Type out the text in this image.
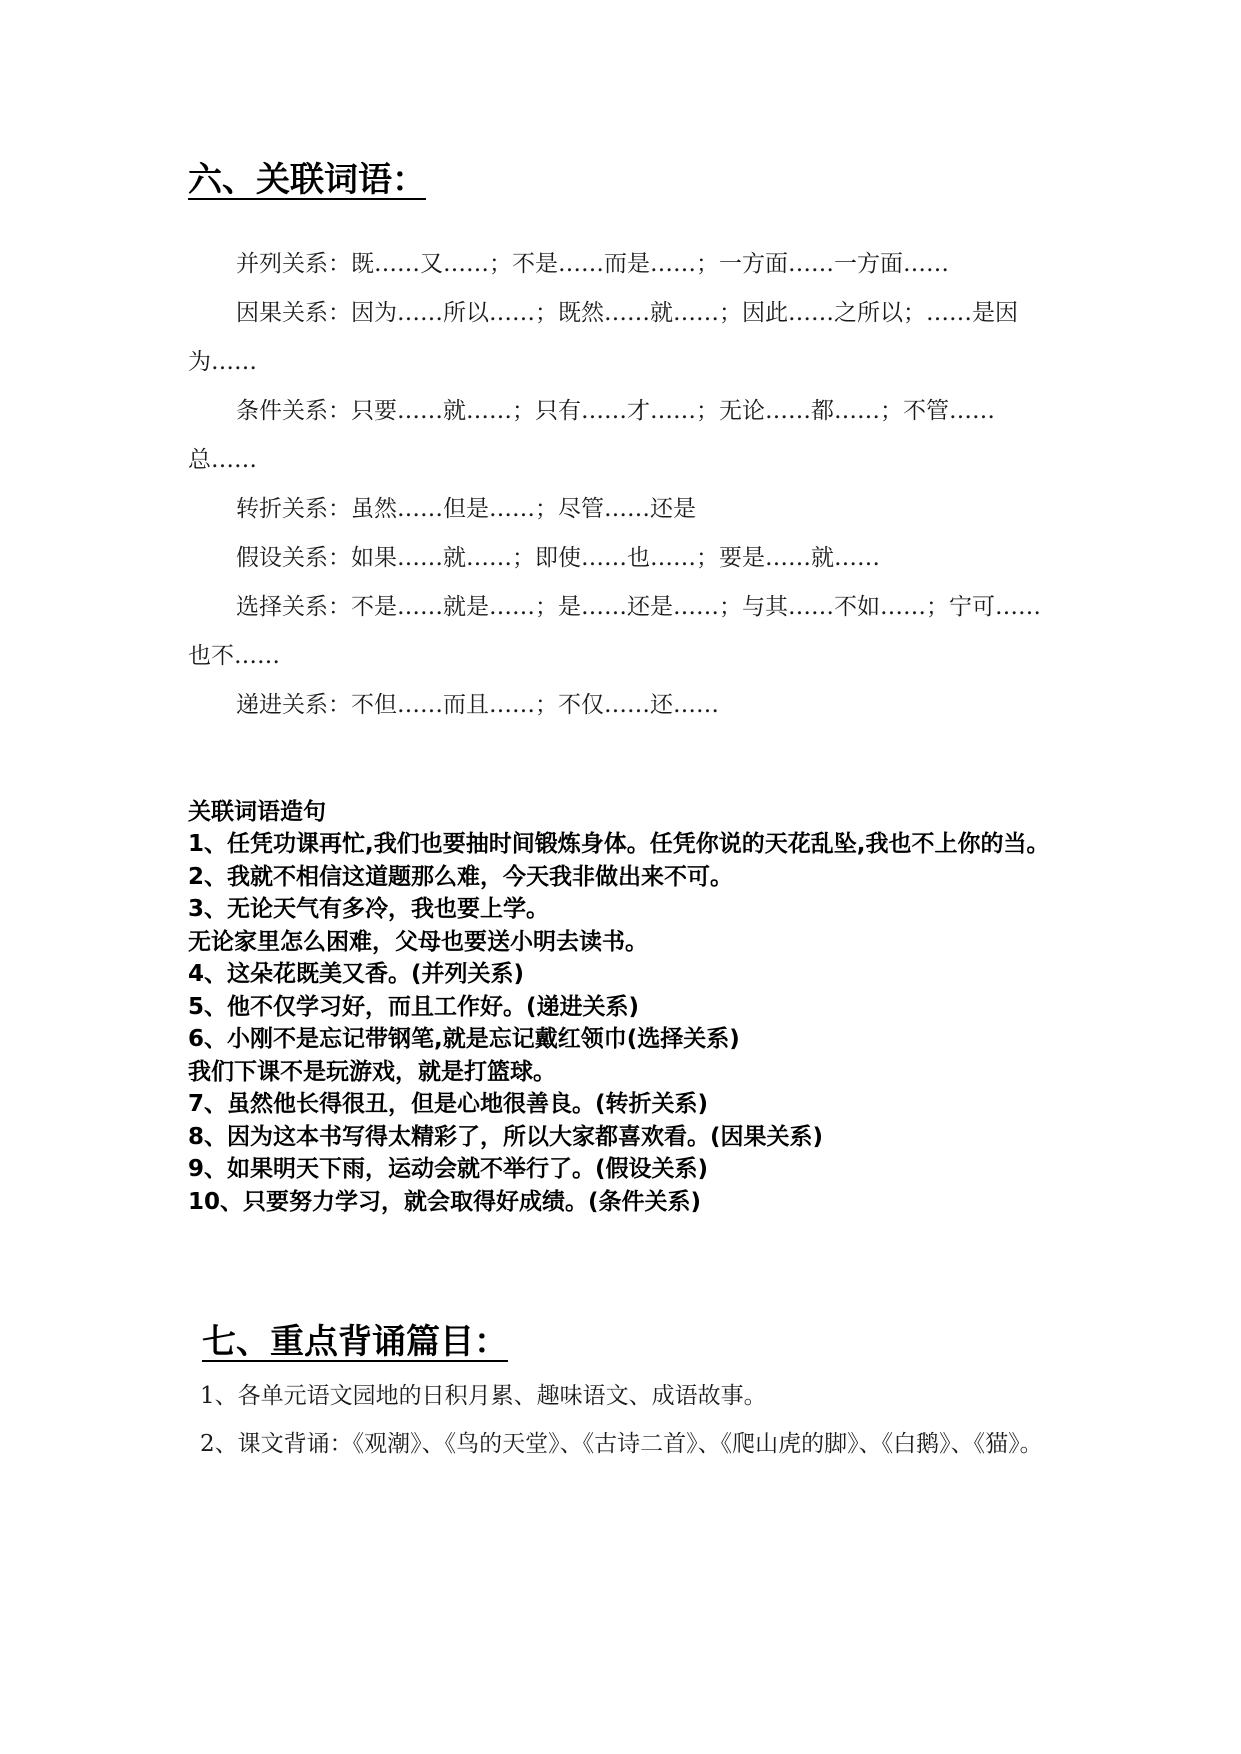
六、关联词语：
并列关系：既……又……；不是……而是……；一方面……一方面……
因果关系：因为……所以……；既然……就……；因此……之所以；……是因为……
条件关系：只要……就……；只有……才……；无论……都……；不管……总……
转折关系：虽然……但是……；尽管……还是
假设关系：如果……就……；即使……也……；要是……就……
选择关系：不是……就是……；是……还是……；与其……不如……；宁可……也不……
递进关系：不但……而且……；不仅……还……

关联词语造句

1、任凭功课再忙,我们也要抽时间锻炼身体。任凭你说的天花乱坠,我也不上你的当。
2、我就不相信这道题那么难，今天我非做出来不可。
3、无论天气有多冷，我也要上学。
无论家里怎么困难，父母也要送小明去读书。
4、这朵花既美又香。(并列关系)
5、他不仅学习好，而且工作好。(递进关系)
6、小刚不是忘记带钢笔,就是忘记戴红领巾(选择关系)
我们下课不是玩游戏，就是打篮球。
7、虽然他长得很丑，但是心地很善良。(转折关系)
8、因为这本书写得太精彩了，所以大家都喜欢看。(因果关系)
9、如果明天下雨，运动会就不举行了。(假设关系)
10、只要努力学习，就会取得好成绩。(条件关系)
七、重点背诵篇目：
1、各单元语文园地的日积月累、趣味语文、成语故事。
2、课文背诵：《观潮》、《鸟的天堂》、《古诗二首》、《爬山虎的脚》、《白鹅》、《猫》。
